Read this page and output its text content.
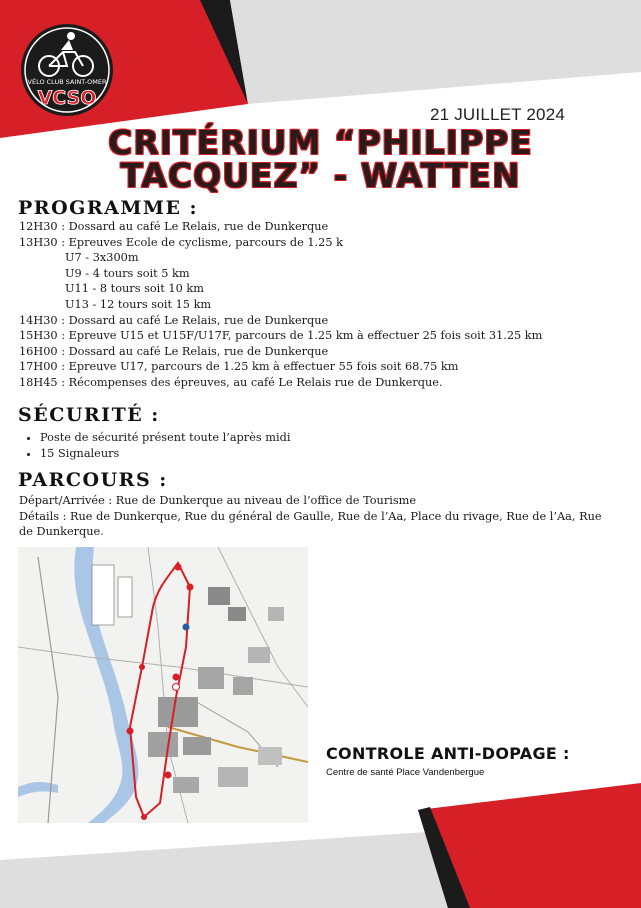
VÉLO CLUB SAINT-OMER
VCSO
21 JUILLET 2024
CRITÉRIUM “PHILIPPE
TACQUEZ” - WATTEN
PROGRAMME :
12H30 : Dossard au café Le Relais, rue de Dunkerque
13H30 : Epreuves Ecole de cyclisme, parcours de 1.25 k
U7 - 3x300m
U9 - 4 tours soit 5 km
U11 - 8 tours soit 10 km
U13 - 12 tours soit 15 km
14H30 : Dossard au café Le Relais, rue de Dunkerque
15H30 : Epreuve U15 et U15F/U17F, parcours de 1.25 km à effectuer 25 fois soit 31.25 km
16H00 : Dossard au café Le Relais, rue de Dunkerque
17H00 : Epreuve U17, parcours de 1.25 km à effectuer 55 fois soit 68.75 km
18H45 : Récompenses des épreuves, au café Le Relais rue de Dunkerque.
SÉCURITÉ :
• Poste de sécurité présent toute l’après midi
• 15 Signaleurs
PARCOURS :
Départ/Arrivée : Rue de Dunkerque au niveau de l’office de Tourisme
Détails : Rue de Dunkerque, Rue du général de Gaulle, Rue de l’Aa, Place du rivage, Rue de l’Aa, Rue de Dunkerque.
CONTROLE ANTI-DOPAGE :
Centre de santé Place Vandenbergue
